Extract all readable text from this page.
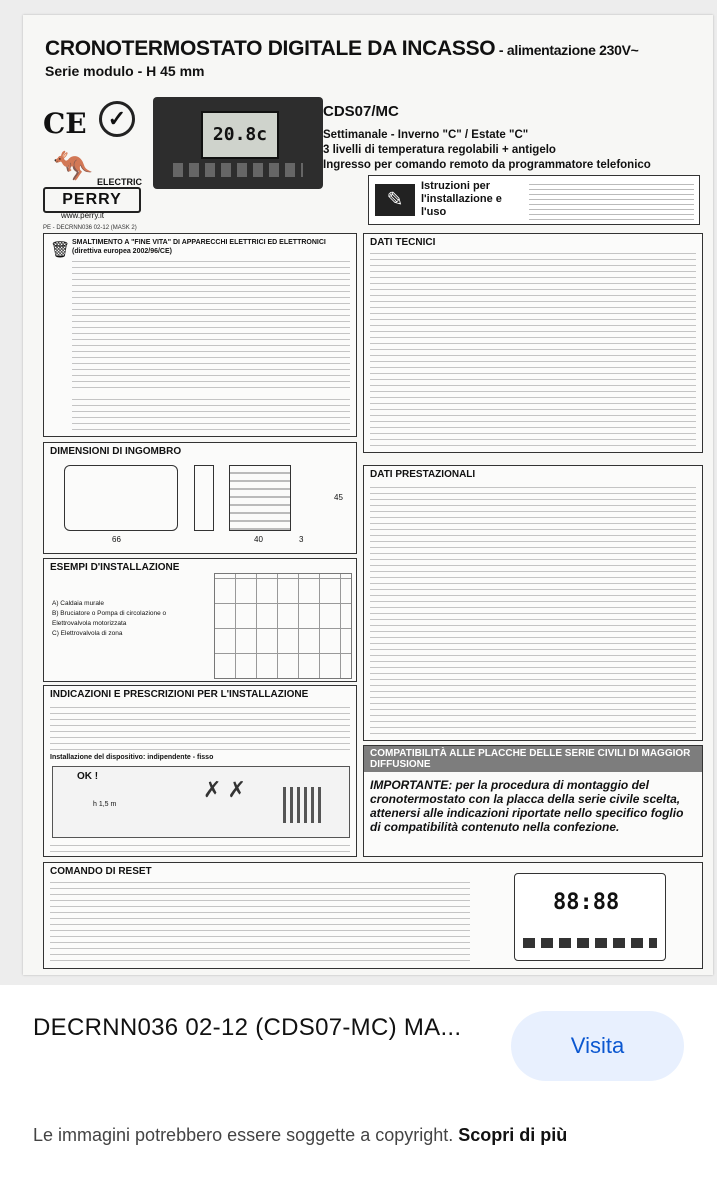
CRONOTERMOSTATO DIGITALE DA INCASSO - alimentazione 230V~
Serie modulo - H 45 mm
CE ✓
🦘 ELECTRIC
PERRY
www.perry.it
20.8c
PE - DECRNN036 02-12 (MASK 2)
CDS07/MC
Settimanale - Inverno "C" / Estate "C"
3 livelli di temperatura regolabili + antigelo
Ingresso per comando remoto da programmatore telefonico
✎
Istruzioni per l'installazione e l'uso
🗑 SMALTIMENTO A "FINE VITA" DI APPARECCHI ELETTRICI ED ELETTRONICI (direttiva europea 2002/96/CE)
DIMENSIONI DI INGOMBRO
66	40	3
45
DATI TECNICI
DATI PRESTAZIONALI
ESEMPI D'INSTALLAZIONE
A) Caldaia murale
B) Bruciatore o Pompa di circolazione o Elettrovalvola motorizzata
C) Elettrovalvola di zona
INDICAZIONI E PRESCRIZIONI PER L'INSTALLAZIONE
Installazione del dispositivo: indipendente - fisso
OK !
h 1,5 m
✗ ✗
COMPATIBILITÀ ALLE PLACCHE DELLE SERIE CIVILI DI MAGGIOR DIFFUSIONE
IMPORTANTE: per la procedura di montaggio del cronotermostato con la placca della serie civile scelta, attenersi alle indicazioni riportate nello specifico foglio di compatibilità contenuto nella confezione.
COMANDO DI RESET
88:88
DECRNN036 02-12 (CDS07-MC) MA...
Visita
Le immagini potrebbero essere soggette a copyright. Scopri di più
